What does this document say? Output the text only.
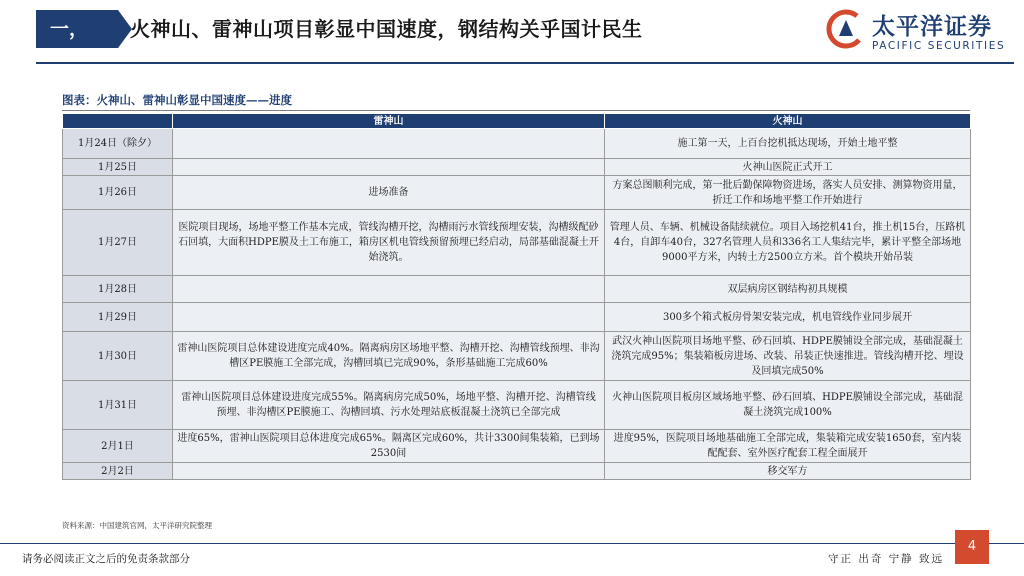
一，	火神山、雷神山项目彰显中国速度，钢结构关乎国计民生	太平洋证券
PACIFIC SECURITIES
图表：火神山、雷神山彰显中国速度——进度
	雷神山	火神山
1月24日（除夕）		施工第一天，上百台挖机抵达现场，开始土地平整
1月25日		火神山医院正式开工
1月26日	进场准备	方案总图顺利完成，第一批后勤保障物资进场，落实人员安排、测算物资用量，折迁工作和场地平整工作开始进行
1月27日	医院项目现场，场地平整工作基本完成，管线沟槽开挖，沟槽雨污水管线预埋安装，沟槽级配砂石回填，大面积HDPE膜及土工布施工，箱房区机电管线预留预埋已经启动，局部基础混凝土开始浇筑。	管理人员、车辆、机械设备陆续就位。项目入场挖机41台，推土机15台，压路机4台，自卸车40台，327名管理人员和336名工人集结完毕，累计平整全部场地9000平方米，内转土方2500立方米。首个模块开始吊装
1月28日		双层病房区钢结构初具规模
1月29日		300多个箱式板房骨架安装完成，机电管线作业同步展开
1月30日	雷神山医院项目总体建设进度完成40%。隔离病房区场地平整、沟槽开挖、沟槽管线预埋、非沟槽区PE膜施工全部完成，沟槽回填已完成90%，条形基础施工完成60%	武汉火神山医院项目场地平整、砂石回填、HDPE膜铺设全部完成，基础混凝土浇筑完成95%；集装箱板房进场、改装、吊装正快速推进。管线沟槽开挖、埋设及回填完成50%
1月31日	雷神山医院项目总体建设进度完成55%。隔离病房完成50%，场地平整、沟槽开挖、沟槽管线预埋、非沟槽区PE膜施工、沟槽回填、污水处理站底板混凝土浇筑已全部完成	火神山医院项目板房区域场地平整、砂石回填、HDPE膜铺设全部完成，基础混凝土浇筑完成100%
2月1日	进度65%，雷神山医院项目总体进度完成65%。隔离区完成60%，共计3300间集装箱，已到场2530间	进度95%，医院项目场地基础施工全部完成，集装箱完成安装1650套，室内装配配套、室外医疗配套工程全面展开
2月2日		移交军方
资料来源：中国建筑官网，太平洋研究院整理
请务必阅读正文之后的免责条款部分	守正 出奇 宁静 致远
4
